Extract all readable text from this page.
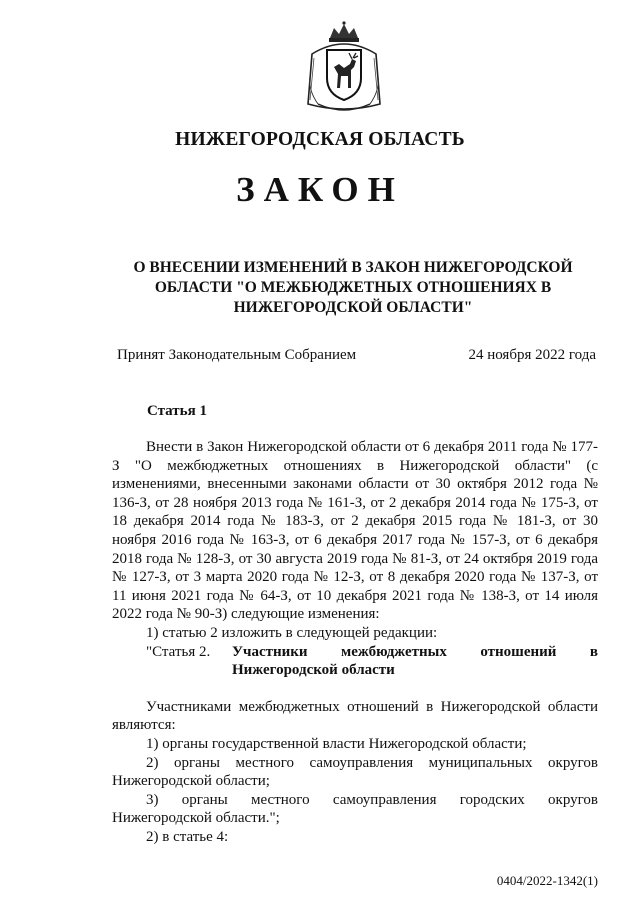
НИЖЕГОРОДСКАЯ ОБЛАСТЬ
ЗАКОН
О ВНЕСЕНИИ ИЗМЕНЕНИЙ В ЗАКОН НИЖЕГОРОДСКОЙ ОБЛАСТИ "О МЕЖБЮДЖЕТНЫХ ОТНОШЕНИЯХ В НИЖЕГОРОДСКОЙ ОБЛАСТИ"
Принят Законодательным Собранием	24 ноября 2022 года
Статья 1

Внести в Закон Нижегородской области от 6 декабря 2011 года № 177-З "О межбюджетных отношениях в Нижегородской области" (с изменениями, внесенными законами области от 30 октября 2012 года № 136-З, от 28 ноября 2013 года № 161-З, от 2 декабря 2014 года № 175-З, от 18 декабря 2014 года № 183-З, от 2 декабря 2015 года № 181-З, от 30 ноября 2016 года № 163-З, от 6 декабря 2017 года № 157-З, от 6 декабря 2018 года № 128-З, от 30 августа 2019 года № 81-З, от 24 октября 2019 года № 127-З, от 3 марта 2020 года № 12-З, от 8 декабря 2020 года № 137-З, от 11 июня 2021 года № 64-З, от 10 декабря 2021 года № 138-З, от 14 июля 2022 года № 90-З) следующие изменения:

1) статью 2 изложить в следующей редакции:

"Статья 2.	Участники межбюджетных отношений в
Нижегородской области

Участниками межбюджетных отношений в Нижегородской области являются:

1) органы государственной власти Нижегородской области;

2) органы местного самоуправления муниципальных округов Нижегородской области;

3) органы местного самоуправления городских округов Нижегородской области.";

2) в статье 4:

0404/2022-1342(1)
